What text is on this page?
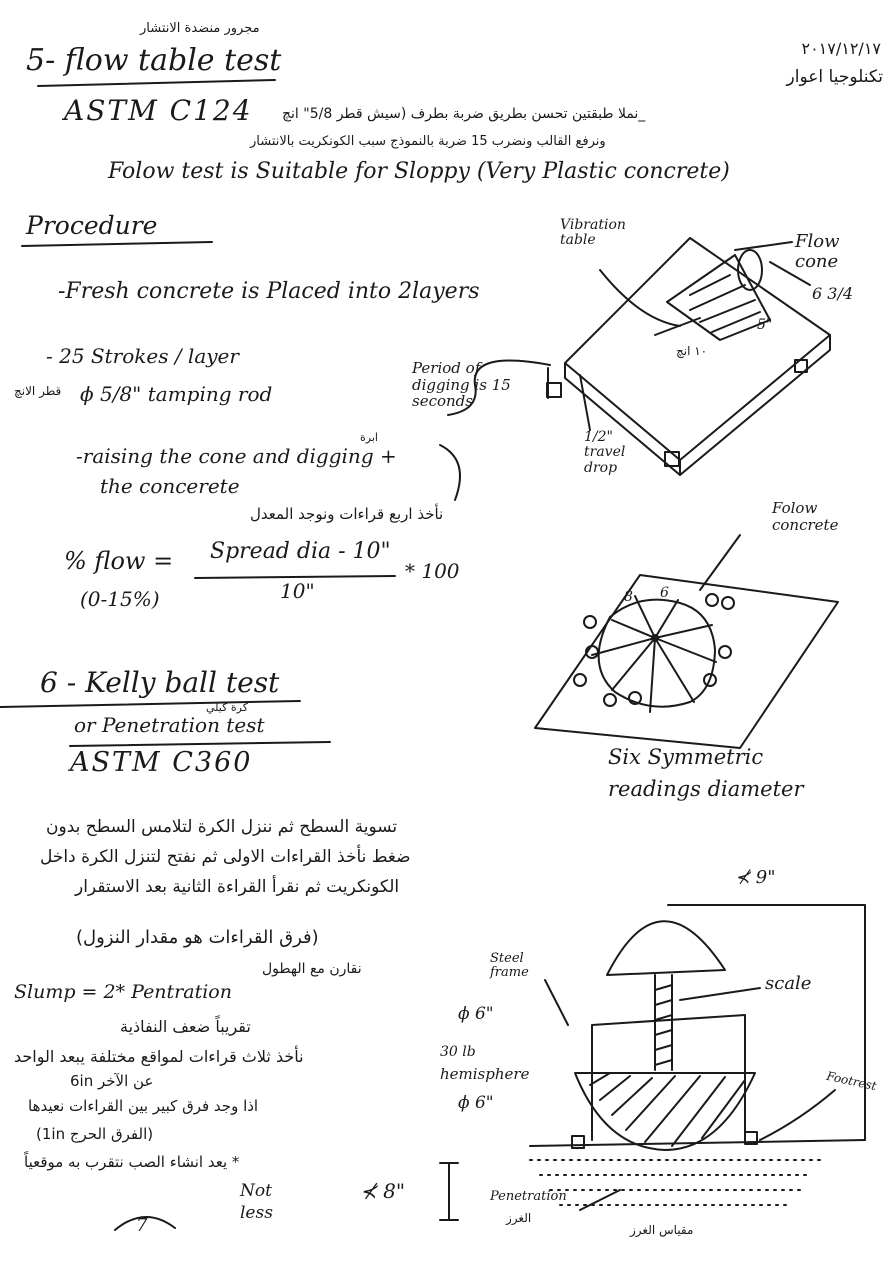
٢٠١٧/١٢/١٧
تكنلوجيا اعوار
مجرور منضدة الانتشار
5- flow table test
ASTM C124 _نملا طبقتين تحسن بطريق ضربة بطرف (سيش قطر 5/8" انچ
ونرفع القالب ونضرب 15 ضربة بالنموذج سبب الكونكريت بالانتشار
Folow test is Suitable for Sloppy (Very Plastic concrete)
Procedure
-Fresh concrete is Placed into 2layers
- 25 Strokes / layer
قطر الانچ ϕ 5/8" tamping rod
ابرة
-raising the cone and digging +
the concerete
نأخذ اربع قراءات ونوجد المعدل
% flow = Spread dia - 10"
10"
* 100
(0-15%)
Vibration table	Flow cone
6 3/4
5"
١٠ انچ
Period of digging is 15 seconds
1/2" travel drop
Folow concrete
8 6
Six Symmetric readings diameter
6 - Kelly ball test
كرة كيلي
or Penetration test
ASTM C360
تسوية السطح ثم ننزل الكرة لتلامس السطح بدون
ضغط نأخذ القراءات الاولى ثم نفتح لتنزل الكرة داخل
الكونكريت ثم نقرأ القراءة الثانية بعد الاستقرار
(فرق القراءات هو مقدار النزول)
نقارن مع الهطول
Slump = 2* Pentration
تقريباً ضعف النفاذية
نأخذ ثلاث قراءات لمواقع مختلفة يبعد الواحد
عن الآخر 6in
اذا وجد فرق كبير بين القراءات نعيدها
(الفرق الحرج 1in)
* يعد انشاء الصب نتقرب به موقعياً
Not less
⊀ 8"
7
⊀ 9"
Steel frame
scale
ϕ 6"
30 lb
hemisphere
ϕ 6"
Footrest
Penetration
الغرز
مقياس الغرز
